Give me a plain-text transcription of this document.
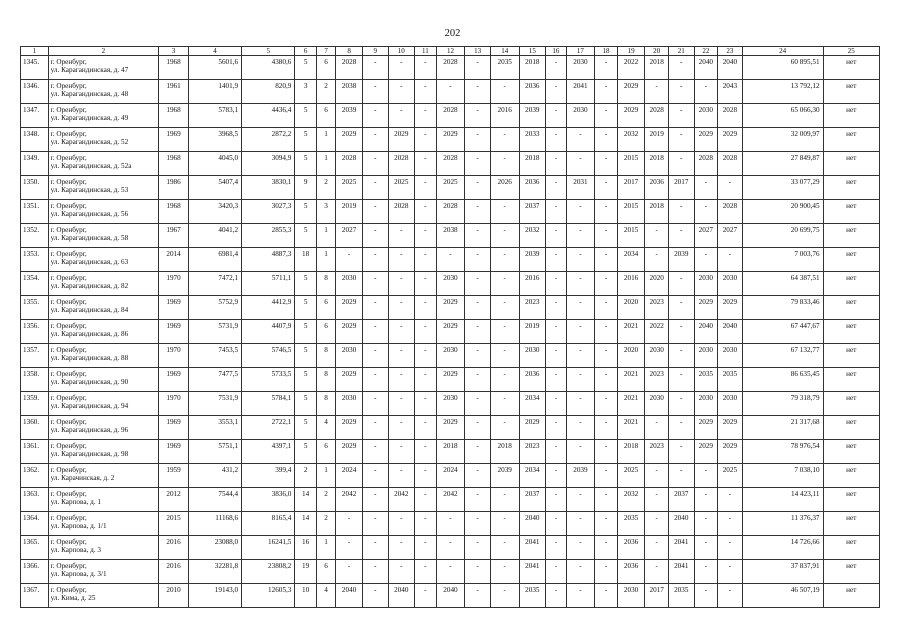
202
1	2	3	4	5	6	7	8	9	10	11	12	13	14	15	16	17	18	19	20	21	22	23	24	25
1345.	г. Оренбург,
ул. Карагандинская, д. 47	1968	5601,6	4380,6	5	6	2028	-	-	-	2028	-	2035	2018	-	2030	-	2022	2018	-	2040	2040	60 895,51	нет
1346.	г. Оренбург,
ул. Карагандинская, д. 48	1961	1401,9	820,9	3	2	2038	-	-	-	-	-	-	2036	-	2041	-	2029	-	-	-	2043	13 792,12	нет
1347.	г. Оренбург,
ул. Карагандинская, д. 49	1968	5783,1	4436,4	5	6	2039	-	-	-	2028	-	2016	2039	-	2030	-	2029	2028	-	2030	2028	65 066,30	нет
1348.	г. Оренбург,
ул. Карагандинская, д. 52	1969	3968,5	2872,2	5	1	2029	-	2029	-	2029	-	-	2033	-	-	-	2032	2019	-	2029	2029	32 009,97	нет
1349.	г. Оренбург,
ул. Карагандинская, д. 52а	1968	4045,0	3094,9	5	1	2028	-	2028	-	2028	-	-	2018	-	-	-	2015	2018	-	2028	2028	27 849,87	нет
1350.	г. Оренбург,
ул. Карагандинская, д. 53	1986	5407,4	3830,1	9	2	2025	-	2025	-	2025	-	2026	2036	-	2031	-	2017	2036	2017	-	-	33 077,29	нет
1351.	г. Оренбург,
ул. Карагандинская, д. 56	1968	3420,3	3027,3	5	3	2019	-	2028	-	2028	-	-	2037	-	-	-	2015	2018	-	-	2028	20 900,45	нет
1352.	г. Оренбург,
ул. Карагандинская, д. 58	1967	4041,2	2855,3	5	1	2027	-	-	-	2038	-	-	2032	-	-	-	2015	-	-	2027	2027	20 699,75	нет
1353.	г. Оренбург,
ул. Карагандинская, д. 63	2014	6981,4	4887,3	18	1	-	-	-	-	-	-	-	2039	-	-	-	2034	-	2039	-	-	7 003,76	нет
1354.	г. Оренбург,
ул. Карагандинская, д. 82	1970	7472,1	5711,1	5	8	2030	-	-	-	2030	-	-	2016	-	-	-	2016	2020	-	2030	2030	64 387,51	нет
1355.	г. Оренбург,
ул. Карагандинская, д. 84	1969	5752,9	4412,9	5	6	2029	-	-	-	2029	-	-	2023	-	-	-	2020	2023	-	2029	2029	79 833,46	нет
1356.	г. Оренбург,
ул. Карагандинская, д. 86	1969	5731,9	4407,9	5	6	2029	-	-	-	2029	-	-	2019	-	-	-	2021	2022	-	2040	2040	67 447,67	нет
1357.	г. Оренбург,
ул. Карагандинская, д. 88	1970	7453,5	5746,5	5	8	2030	-	-	-	2030	-	-	2030	-	-	-	2020	2030	-	2030	2030	67 132,77	нет
1358.	г. Оренбург,
ул. Карагандинская, д. 90	1969	7477,5	5733,5	5	8	2029	-	-	-	2029	-	-	2036	-	-	-	2021	2023	-	2035	2035	86 635,45	нет
1359.	г. Оренбург,
ул. Карагандинская, д. 94	1970	7531,9	5784,1	5	8	2030	-	-	-	2030	-	-	2034	-	-	-	2021	2030	-	2030	2030	79 318,79	нет
1360.	г. Оренбург,
ул. Карагандинская, д. 96	1969	3553,1	2722,1	5	4	2029	-	-	-	2029	-	-	2029	-	-	-	2021	-	-	2029	2029	21 317,68	нет
1361.	г. Оренбург,
ул. Карагандинская, д. 98	1969	5751,1	4397,1	5	6	2029	-	-	-	2018	-	2018	2023	-	-	-	2018	2023	-	2029	2029	78 976,54	нет
1362.	г. Оренбург,
ул. Карачинская, д. 2	1959	431,2	399,4	2	1	2024	-	-	-	2024	-	2039	2034	-	2039	-	2025	-	-	-	2025	7 038,10	нет
1363.	г. Оренбург,
ул. Карпова, д. 1	2012	7544,4	3836,0	14	2	2042	-	2042	-	2042	-	-	2037	-	-	-	2032	-	2037	-	-	14 423,11	нет
1364.	г. Оренбург,
ул. Карпова, д. 1/1	2015	11168,6	8165,4	14	2	-	-	-	-	-	-	-	2040	-	-	-	2035	-	2040	-	-	11 376,37	нет
1365.	г. Оренбург,
ул. Карпова, д. 3	2016	23088,0	16241,5	16	1	-	-	-	-	-	-	-	2041	-	-	-	2036	-	2041	-	-	14 726,66	нет
1366.	г. Оренбург,
ул. Карпова, д. 3/1	2016	32281,8	23808,2	19	6	-	-	-	-	-	-	-	2041	-	-	-	2036	-	2041	-	-	37 837,91	нет
1367.	г. Оренбург,
ул. Кима, д. 25	2010	19143,0	12605,3	10	4	2040	-	2040	-	2040	-	-	2035	-	-	-	2030	2017	2035	-	-	46 507,19	нет
